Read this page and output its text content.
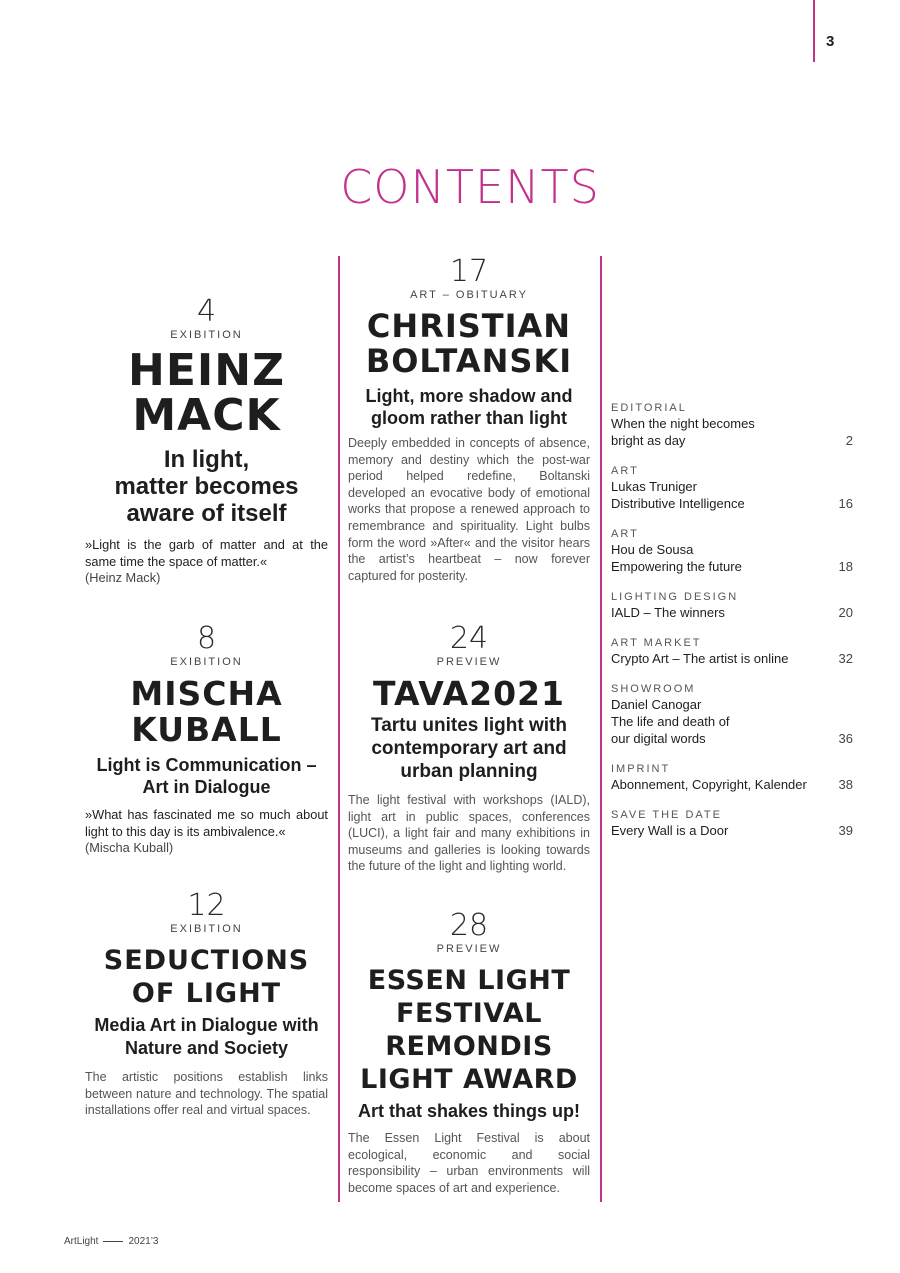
3
CONTENTS
4
EXIBITION
HEINZ
MACK
In light,
matter becomes
aware of itself
»Light is the garb of matter and at the same time the space of matter.«
(Heinz Mack)
8
EXIBITION
MISCHA
KUBALL
Light is Communication –
Art in Dialogue
»What has fascinated me so much about light to this day is its ambivalence.«
(Mischa Kuball)
12
EXIBITION
SEDUCTIONS
OF LIGHT
Media Art in Dialogue with
Nature and Society
The artistic positions establish links between nature and technology. The spatial installations offer real and virtual spaces.
17
ART – OBITUARY
CHRISTIAN
BOLTANSKI
Light, more shadow and
gloom rather than light
Deeply embedded in concepts of absence, memory and destiny which the post-war period helped redefine, Boltanski developed an evocative body of emotional works that propose a renewed approach to remembrance and spirituality. Light bulbs form the word »After« and the visitor hears the artist’s heartbeat – now forever captured for posterity.
24
PREVIEW
TAVA2021
Tartu unites light with
contemporary art and
urban planning
The light festival with workshops (IALD), light art in public spaces, conferences (LUCI), a light fair and many exhibitions in museums and galleries is looking towards the future of the light and lighting world.
28
PREVIEW
ESSEN LIGHT
FESTIVAL
REMONDIS
LIGHT AWARD
Art that shakes things up!
The Essen Light Festival is about ecological, economic and social responsibility – urban environments will become spaces of art and experience.
EDITORIAL
When the night becomes
bright as day	2
ART
Lukas Truniger
Distributive Intelligence	16
ART
Hou de Sousa
Empowering the future	18
LIGHTING DESIGN
IALD – The winners	20
ART MARKET
Crypto Art – The artist is online	32
SHOWROOM
Daniel Canogar
The life and death of
our digital words	36
IMPRINT
Abonnement, Copyright, Kalender	38
SAVE THE DATE
Every Wall is a Door	39
ArtLight	2021’3
